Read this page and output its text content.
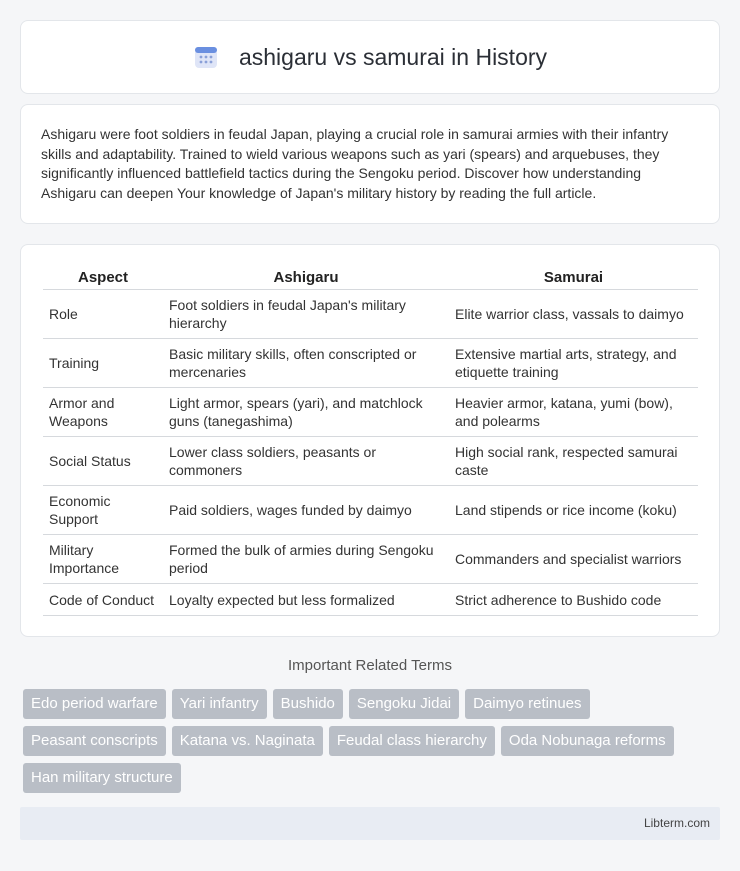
ashigaru vs samurai in History

Ashigaru were foot soldiers in feudal Japan, playing a crucial role in samurai armies with their infantry skills and adaptability. Trained to wield various weapons such as yari (spears) and arquebuses, they significantly influenced battlefield tactics during the Sengoku period. Discover how understanding Ashigaru can deepen Your knowledge of Japan's military history by reading the full article.

Aspect	Ashigaru	Samurai
Role	Foot soldiers in feudal Japan's military hierarchy	Elite warrior class, vassals to daimyo
Training	Basic military skills, often conscripted or mercenaries	Extensive martial arts, strategy, and etiquette training
Armor and Weapons	Light armor, spears (yari), and matchlock guns (tanegashima)	Heavier armor, katana, yumi (bow), and polearms
Social Status	Lower class soldiers, peasants or commoners	High social rank, respected samurai caste
Economic Support	Paid soldiers, wages funded by daimyo	Land stipends or rice income (koku)
Military Importance	Formed the bulk of armies during Sengoku period	Commanders and specialist warriors
Code of Conduct	Loyalty expected but less formalized	Strict adherence to Bushido code
Important Related Terms
Edo period warfare Yari infantry Bushido Sengoku Jidai Daimyo retinuesPeasant conscripts Katana vs. Naginata Feudal class hierarchy Oda Nobunaga reformsHan military structure
Libterm.com
